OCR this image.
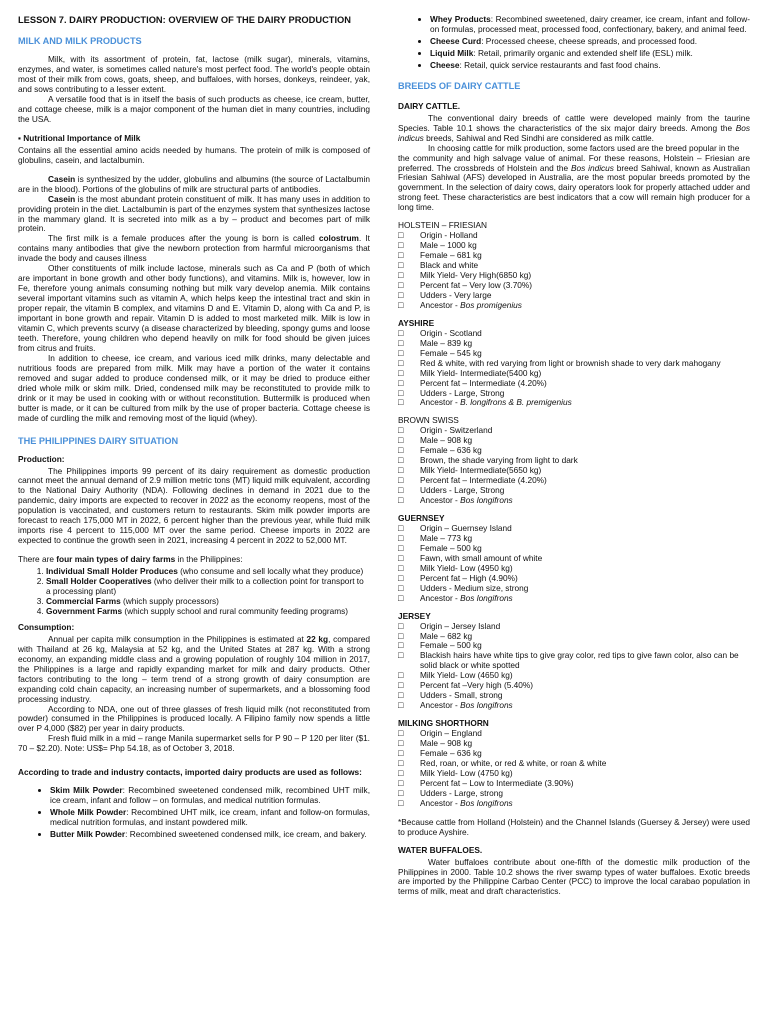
LESSON 7. DAIRY PRODUCTION: OVERVIEW OF THE DAIRY PRODUCTION
MILK AND MILK PRODUCTS

Milk, with its assortment of protein, fat, lactose (milk sugar), minerals, vitamins, enzymes, and water, is sometimes called nature's most perfect food. The world's people obtain most of their milk from cows, goats, sheep, and buffaloes, with horses, donkeys, reindeer, yak, and sows contributing to a lesser extent.

A versatile food that is in itself the basis of such products as cheese, ice cream, butter, and cottage cheese, milk is a major component of the human diet in many countries, including the USA.

▪ Nutritional Importance of Milk

Contains all the essential amino acids needed by humans. The protein of milk is composed of globulins, casein, and lactalbumin.

Casein is synthesized by the udder, globulins and albumins (the source of Lactalbumin are in the blood). Portions of the globulins of milk are structural parts of antibodies.

Casein is the most abundant protein constituent of milk. It has many uses in addition to providing protein in the diet. Lactalbumin is part of the enzymes system that synthesizes lactose in the mammary gland. It is secreted into milk as a by – product and becomes part of milk protein.

The first milk is a female produces after the young is born is called colostrum. It contains many antibodies that give the newborn protection from harmful microorganisms that invade the body and causes illness

Other constituents of milk include lactose, minerals such as Ca and P (both of which are important in bone growth and other body functions), and vitamins. Milk is, however, low in Fe, therefore young animals consuming nothing but milk vary develop anemia. Milk contains several important vitamins such as vitamin A, which helps keep the intestinal tract and skin in proper repair, the vitamin B complex, and vitamins D and E. Vitamin D, along with Ca and P, is important in bone growth and repair. Vitamin D is added to most marketed milk. Milk is low in vitamin C, which prevents scurvy (a disease characterized by bleeding, spongy gums and loose teeth. Therefore, young children who depend heavily on milk for food should be given juices from citrus and fruits.

In addition to cheese, ice cream, and various iced milk drinks, many delectable and nutritious foods are prepared from milk. Milk may have a portion of the water it contains removed and sugar added to produce condensed milk, or it may be dried to produce either dried whole milk or skim milk. Dried, condensed milk may be reconstituted to provide milk to drink or it may be used in cooking with or without reconstitution. Buttermilk is produced when butter is made, or it can be cultured from milk by the use of proper bacteria. Cottage cheese is made of curdling the milk and removing most of the liquid (whey).

THE PHILIPPINES DAIRY SITUATION
Production:

The Philippines imports 99 percent of its dairy requirement as domestic production cannot meet the annual demand of 2.9 million metric tons (MT) liquid milk equivalent, according to the National Dairy Authority (NDA). Following declines in demand in 2021 due to the pandemic, dairy imports are expected to recover in 2022 as the economy reopens, most of the population is vaccinated, and customers return to restaurants. Skim milk powder imports are forecast to reach 175,000 MT in 2022, 6 percent higher than the previous year, while fluid milk imports rise 4 percent to 115,000 MT over the same period. Cheese imports in 2022 are expected to continue the growth seen in 2021, increasing 4 percent in 2022 to 52,000 MT.

There are four main types of dairy farms in the Philippines:

1. Individual Small Holder Produces (who consume and sell locally what they produce)
2. Small Holder Cooperatives (who deliver their milk to a collection point for transport to a processing plant)
3. Commercial Farms (which supply processors)
4. Government Farms (which supply school and rural community feeding programs)
Consumption:

Annual per capita milk consumption in the Philippines is estimated at 22 kg, compared with Thailand at 26 kg, Malaysia at 52 kg, and the United States at 287 kg. With a strong economy, an expanding middle class and a growing population of roughly 104 million in 2017, the Philippines is a large and rapidly expanding market for milk and dairy products. Other factors contributing to the long – term trend of a strong growth of dairy consumption are expanding cold chain capacity, an increasing number of supermarkets, and a blossoming food processing industry.

According to NDA, one out of three glasses of fresh liquid milk (not reconstituted from powder) consumed in the Philippines is produced locally. A Filipino family now spends a little over P 4,000 ($82) per year in dairy products.

Fresh fluid milk in a mid – range Manila supermarket sells for P 90 – P 120 per liter ($1. 70 – $2.20). Note: US$= Php 54.18, as of October 3, 2018.

According to trade and industry contacts, imported dairy products are used as follows:

• Skim Milk Powder: Recombined sweetened condensed milk, recombined UHT milk, ice cream, infant and follow – on formulas, and medical nutrition formulas.
• Whole Milk Powder: Recombined UHT milk, ice cream, infant and follow-on formulas, medical nutrition formulas, and instant powdered milk.
• Butter Milk Powder: Recombined sweetened condensed milk, ice cream, and bakery.
• Whey Products: Recombined sweetened, dairy creamer, ice cream, infant and follow-on formulas, processed meat, processed food, confectionary, bakery, and animal feed.
• Cheese Curd: Processed cheese, cheese spreads, and processed food.
• Liquid Milk: Retail, primarily organic and extended shelf life (ESL) milk.
• Cheese: Retail, quick service restaurants and fast food chains.
BREEDS OF DAIRY CATTLE
DAIRY CATTLE.

The conventional dairy breeds of cattle were developed mainly from the taurine Species. Table 10.1 shows the characteristics of the six major dairy breeds. Among the Bos indicus breeds, Sahiwal and Red Sindhi are considered as milk cattle.

In choosing cattle for milk production, some factors used are the breed popular in the

the community and high salvage value of animal. For these reasons, Holstein – Friesian are preferred. The crossbreds of Holstein and the Bos indicus breed Sahiwal, known as Australian Friesian Sahiwal (AFS) developed in Australia, are the most popular breeds promoted by the government. In the selection of dairy cows, dairy operators look for properly attached udder and strong feet. These characteristics are best indicators that a cow will remain high producer for a long time.

HOLSTEIN – FRIESIAN
□ Origin - Holland
□ Male – 1000 kg
□ Female – 681 kg
□ Black and white
□ Milk Yield- Very High(6850 kg)
□ Percent fat – Very low (3.70%)
□ Udders - Very large
□ Ancestor - Bos promigenius
AYSHIRE
□ Origin - Scotland
□ Male – 839 kg
□ Female – 545 kg
□ Red & white, with red varying from light or brownish shade to very dark mahogany
□ Milk Yield- Intermediate(5400 kg)
□ Percent fat – Intermediate (4.20%)
□ Udders - Large, Strong
□ Ancestor - B. longifrons & B. premigenius
BROWN SWISS
□ Origin - Switzerland
□ Male – 908 kg
□ Female – 636 kg
□ Brown, the shade varying from light to dark
□ Milk Yield- Intermediate(5650 kg)
□ Percent fat – Intermediate (4.20%)
□ Udders - Large, Strong
□ Ancestor - Bos longifrons
GUERNSEY
□ Origin – Guernsey Island
□ Male – 773 kg
□ Female – 500 kg
□ Fawn, with small amount of white
□ Milk Yield- Low (4950 kg)
□ Percent fat – High (4.90%)
□ Udders - Medium size, strong
□ Ancestor - Bos longifrons
JERSEY
□ Origin – Jersey Island
□ Male – 682 kg
□ Female – 500 kg
□ Blackish hairs have white tips to give gray color, red tips to give fawn color, also can be solid black or white spotted
□ Milk Yield- Low (4650 kg)
□ Percent fat –Very high (5.40%)
□ Udders - Small, strong
□ Ancestor - Bos longifrons
MILKING SHORTHORN
□ Origin – England
□ Male – 908 kg
□ Female – 636 kg
□ Red, roan, or white, or red & white, or roan & white
□ Milk Yield- Low (4750 kg)
□ Percent fat – Low to Intermediate (3.90%)
□ Udders - Large, strong
□ Ancestor - Bos longifrons

*Because cattle from Holland (Holstein) and the Channel Islands (Guersey & Jersey) were used to produce Ayshire.

WATER BUFFALOES.

Water buffaloes contribute about one-fifth of the domestic milk production of the Philippines in 2000. Table 10.2 shows the river swamp types of water buffaloes. Exotic breeds are imported by the Philippine Carbao Center (PCC) to improve the local carabao population in terms of milk, meat and draft characteristics.
